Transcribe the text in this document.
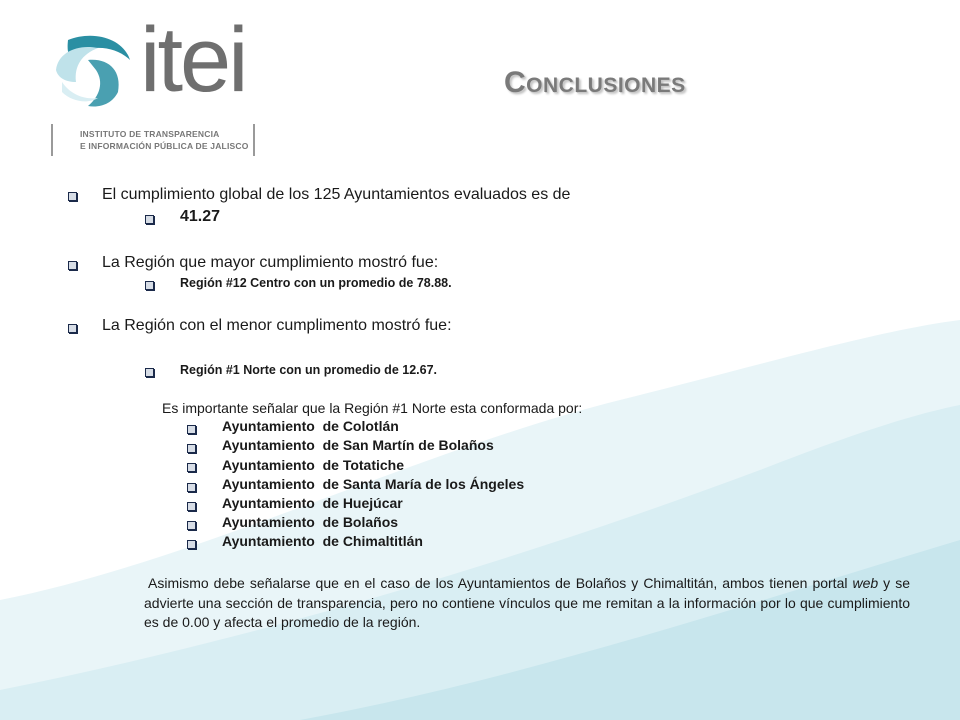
itei
INSTITUTO DE TRANSPARENCIA
E INFORMACIÓN PÚBLICA DE JALISCO
Conclusiones
El cumplimiento global de los 125 Ayuntamientos evaluados es de
41.27
La Región que mayor cumplimiento mostró fue:
Región #12 Centro con un promedio de 78.88.
La Región con el menor cumplimento mostró fue:
Región #1 Norte con un promedio de 12.67.
Es importante señalar que la Región #1 Norte esta conformada por:
Ayuntamiento  de Colotlán
Ayuntamiento  de San Martín de Bolaños
Ayuntamiento  de Totatiche
Ayuntamiento  de Santa María de los Ángeles
Ayuntamiento  de Huejúcar
Ayuntamiento  de Bolaños
Ayuntamiento  de Chimaltitlán
Asimismo debe señalarse que en el caso de los Ayuntamientos de Bolaños y Chimaltitán, ambos tienen portal web y se advierte una sección de transparencia, pero no contiene vínculos que me remitan a la información por lo que cumplimiento es de 0.00 y afecta el promedio de la región.
